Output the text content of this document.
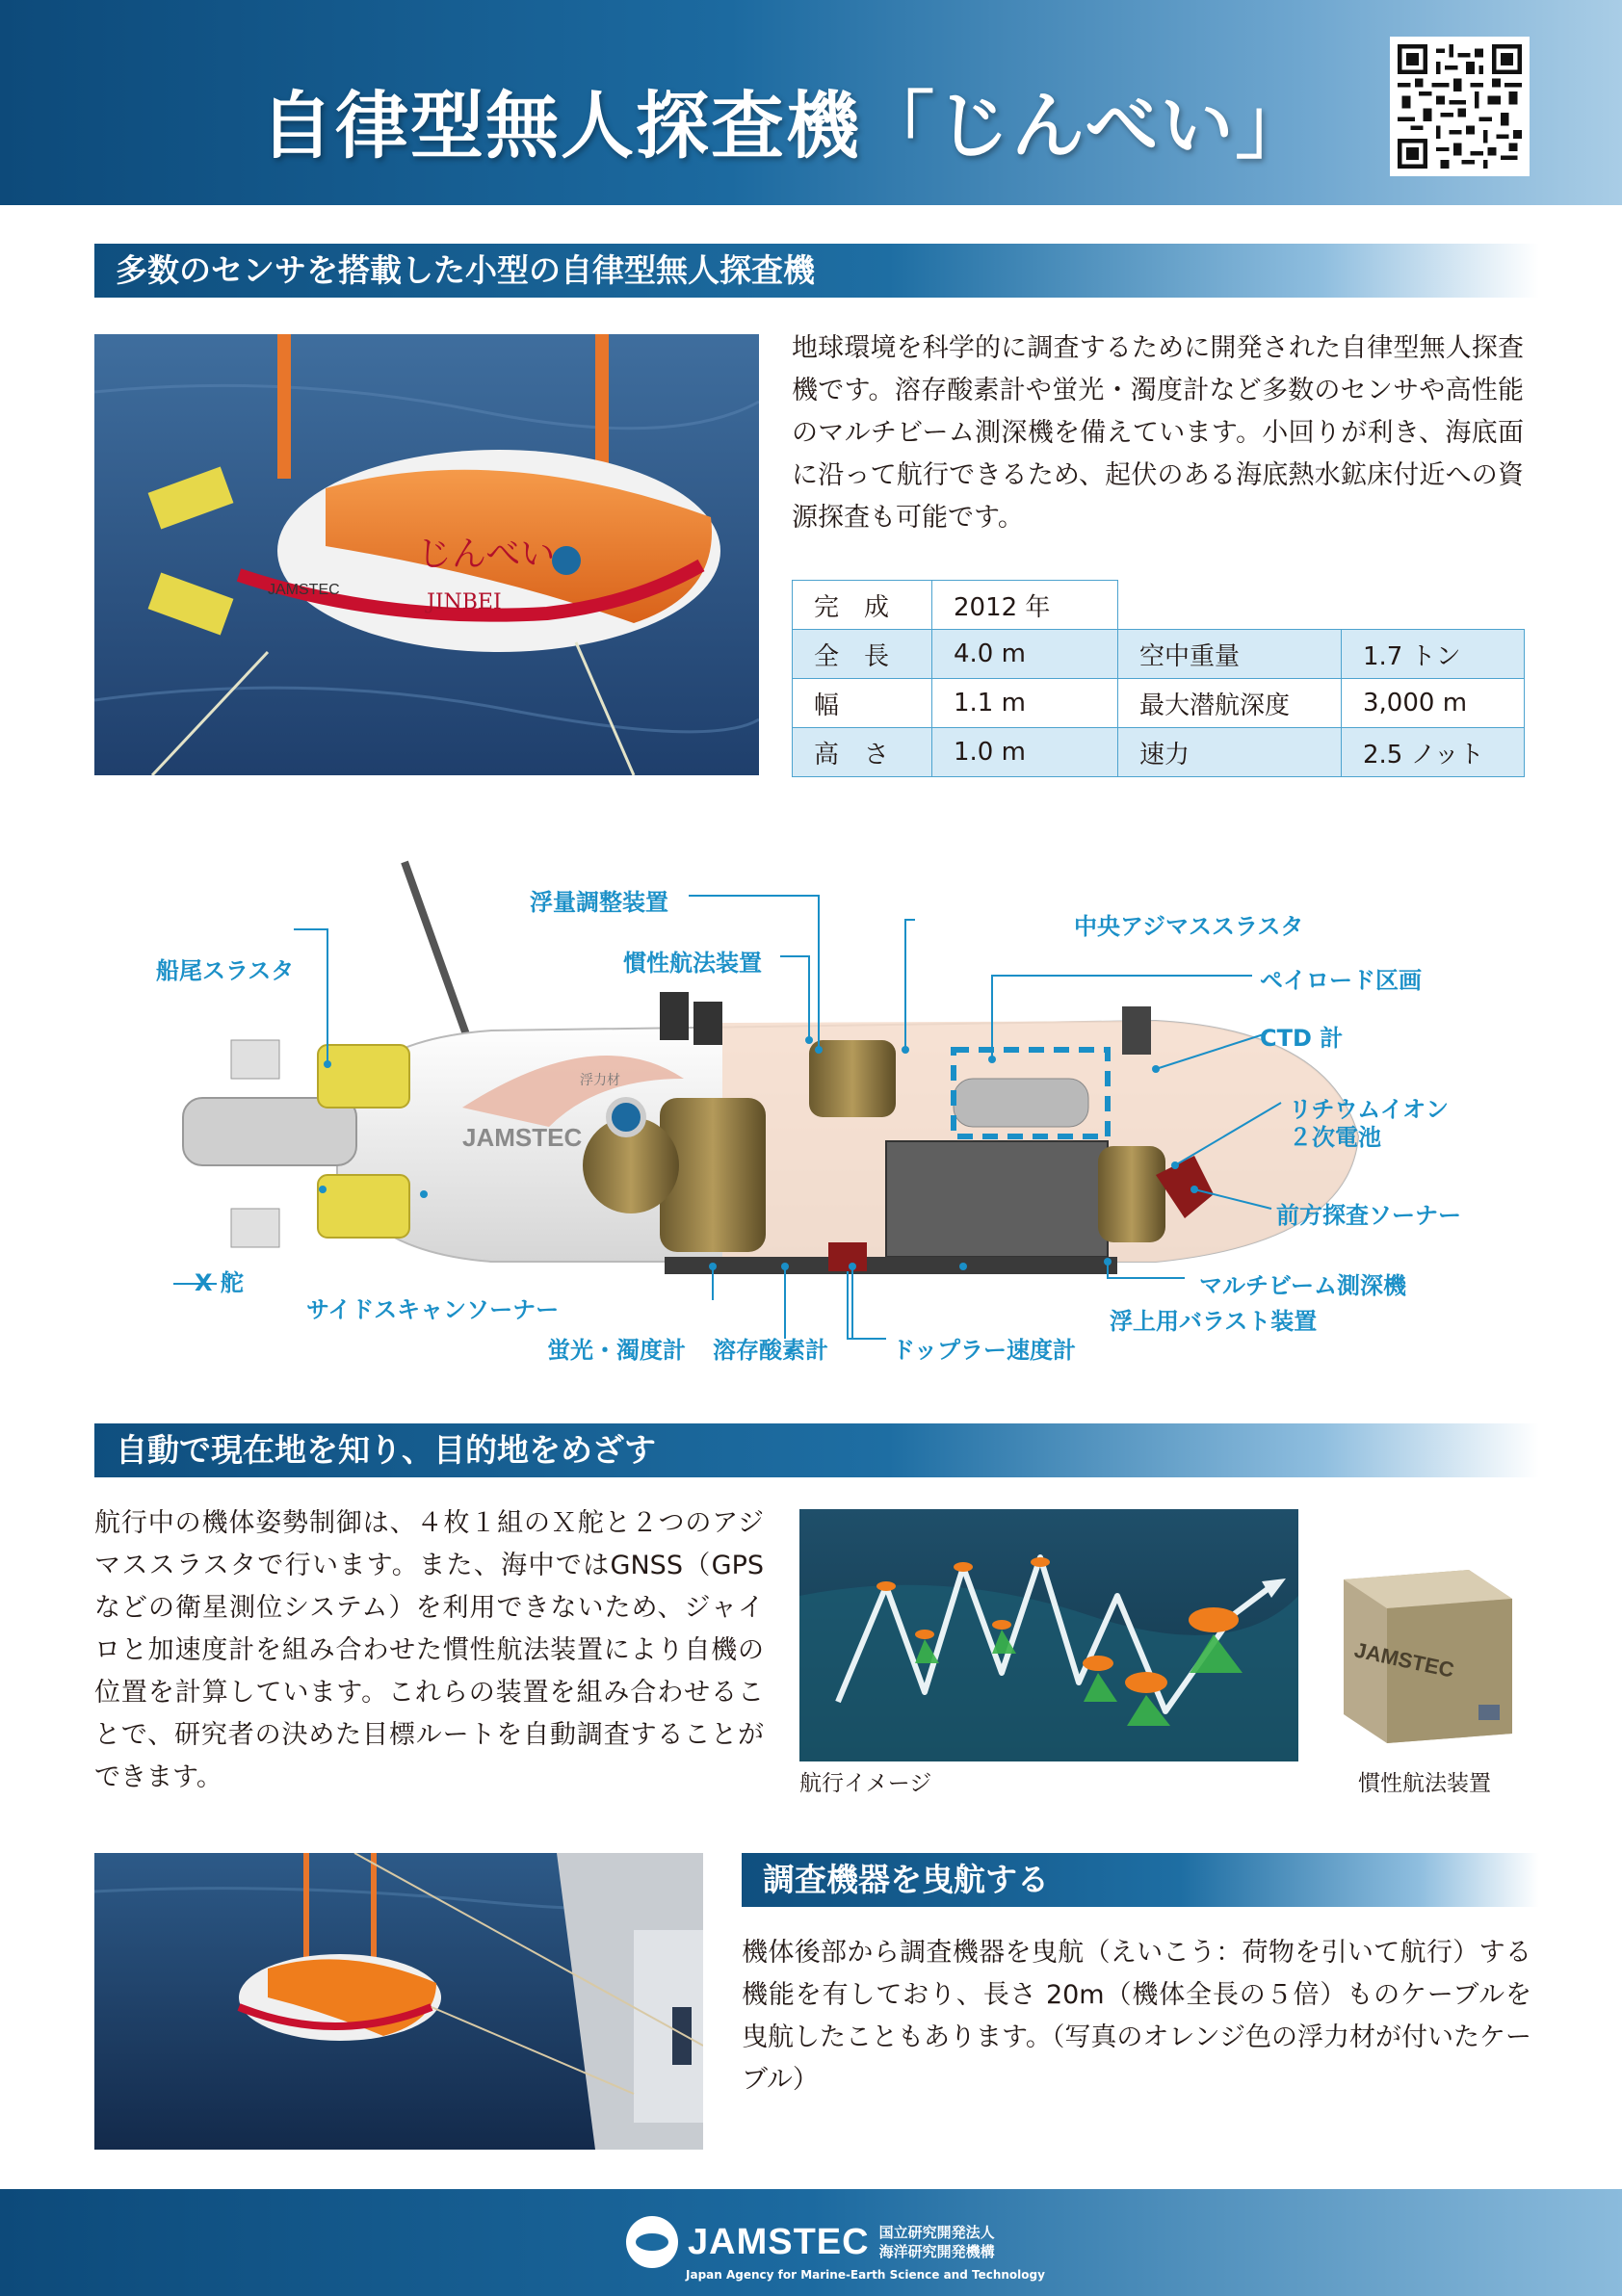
自律型無人探査機「じんべい」
多数のセンサを搭載した小型の自律型無人探査機
じんべい
JINBEI
JAMSTEC
地球環境を科学的に調査するために開発された自律型無人探査機です。溶存酸素計や蛍光・濁度計など多数のセンサや高性能のマルチビーム測深機を備えています。小回りが利き、海底面に沿って航行できるため、起伏のある海底熱水鉱床付近への資源探査も可能です。
完　成	2012 年		
全　長	4.0 m	空中重量	1.7 トン
幅	1.1 m	最大潜航深度	3,000 m
高　さ	1.0 m	速力	2.5 ノット
JAMSTEC
浮力材
浮量調整装置
中央アジマススラスタ
慣性航法装置
ペイロード区画
船尾スラスタ
CTD 計
リチウムイオン
２次電池
前方探査ソーナー
マルチビーム測深機
X 舵
サイドスキャンソーナー	浮上用バラスト装置
蛍光・濁度計 溶存酸素計	ドップラー速度計
自動で現在地を知り、目的地をめざす
航行中の機体姿勢制御は、４枚１組のＸ舵と２つのアジマススラスタで行います。また、海中ではGNSS（GPS などの衛星測位システム）を利用できないため、ジャイロと加速度計を組み合わせた慣性航法装置により自機の位置を計算しています。これらの装置を組み合わせることで、研究者の決めた目標ルートを自動調査することができます。	航行イメージ
JAMSTEC
慣性航法装置
調査機器を曳航する
機体後部から調査機器を曳航（えいこう：荷物を引いて航行）する機能を有しており、長さ 20m（機体全長の５倍）ものケーブルを曳航したこともあります。（写真のオレンジ色の浮力材が付いたケーブル）
JAMSTEC 国立研究開発法人
海洋研究開発機構
Japan Agency for Marine-Earth Science and Technology
